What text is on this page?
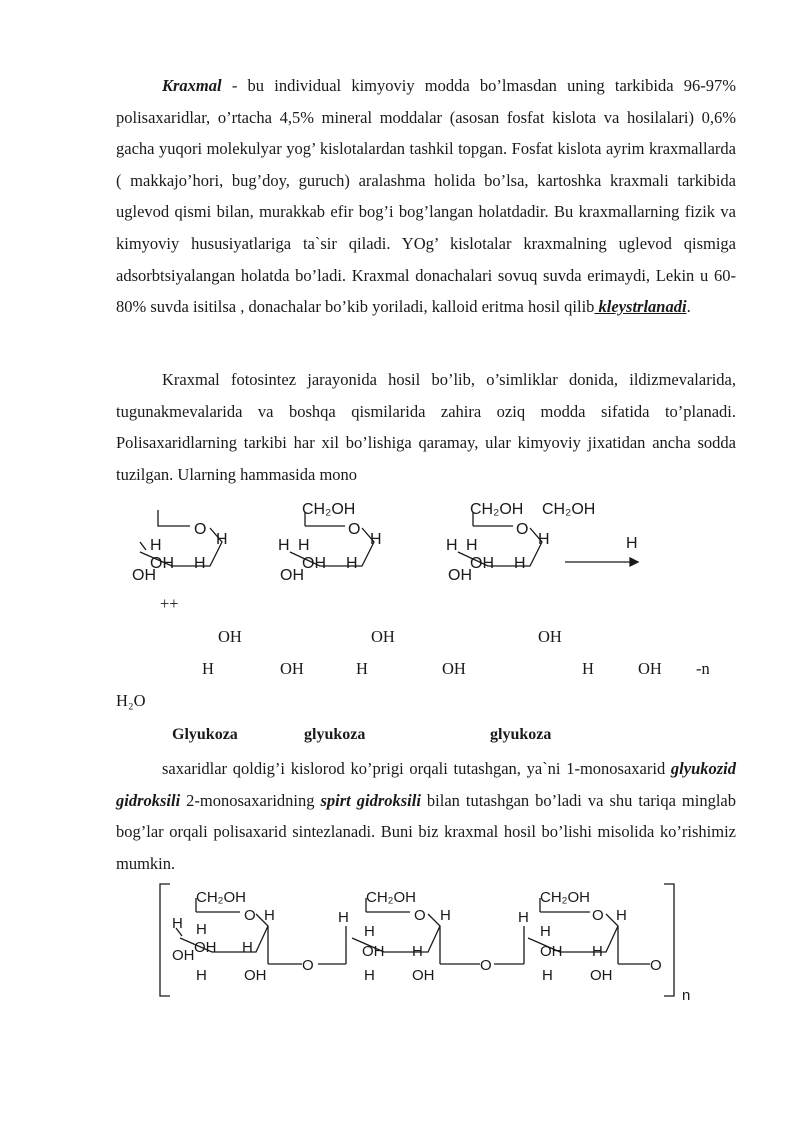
Kraxmal - bu individual kimyoviy modda bo’lmasdan uning tarkibida 96-97% polisaxaridlar, o’rtacha 4,5% mineral moddalar (asosan fosfat kislota va hosilalari) 0,6% gacha yuqori molekulyar yog’ kislotalardan tashkil topgan. Fosfat kislota ayrim kraxmallarda ( makkajo’hori, bug’doy, guruch) aralashma holida bo’lsa, kartoshka kraxmali tarkibida uglevod qismi bilan, murakkab efir bog’i bog’langan holatdadir. Bu kraxmallarning fizik va kimyoviy hususiyatlariga ta`sir qiladi. YOg’ kislotalar kraxmalning uglevod qismiga adsorbtsiyalangan holatda bo’ladi. Kraxmal donachalari sovuq suvda erimaydi, Lekin u 60-80% suvda isitilsa , donachalar bo’kib yoriladi, kalloid eritma hosil qilib kleystrlanadi.

Kraxmal fotosintez jarayonida hosil bo’lib, o’simliklar donida, ildizmevalarida, tugunakmevalarida va boshqa qismilarida zahira oziq modda sifatida to’planadi. Polisaxaridlarning tarkibi har xil bo’lishiga qaramay, ular kimyoviy jixatidan ancha sodda tuzilgan. Ularning hammasida mono

O
H
H
OH H
OH
CH₂OH
O
H
H H
OH H
OH
CH₂OH CH₂OH
O
H
H H
OH H
OH
H
++
OH	OH	OH
H	OH	H	OH	H	OH -n
H₂O
Glyukoza	glyukoza	glyukoza

saxaridlar qoldig’i kislorod ko’prigi orqali tutashgan, ya`ni 1-monosaxarid glyukozid gidroksili 2-monosaxaridning spirt gidroksili bilan tutashgan bo’ladi va shu tariqa minglab bog’lar orqali polisaxarid sintezlanadi. Buni biz kraxmal hosil bo’lishi misolida ko’rishimiz mumkin.

CH₂OH
O H
H H
OH H
OH
H OH
O
CH₂OH
O H
H
H
OH H
H OH
O
CH₂OH
O H
H
H
OH H
H OH
O
n
